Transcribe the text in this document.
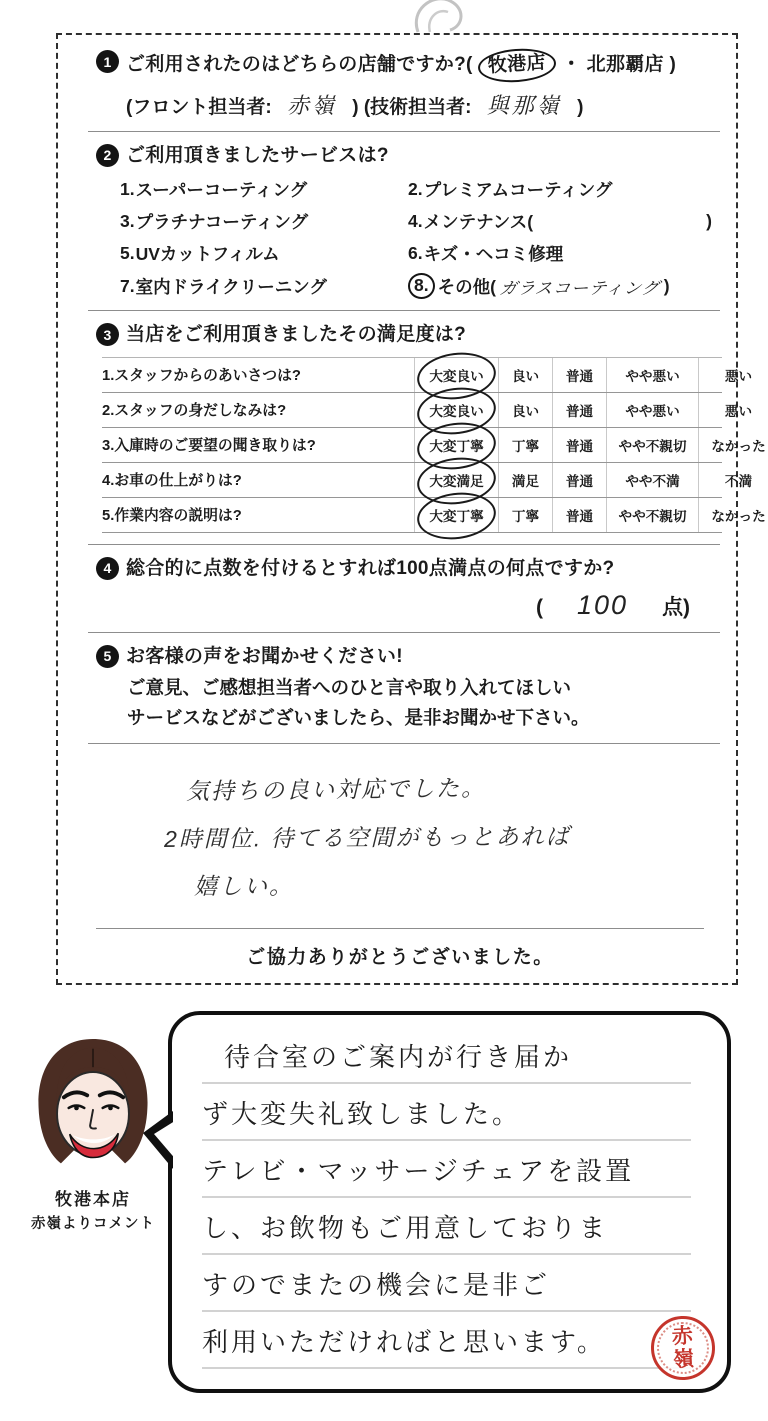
1 ご利用されたのはどちらの店舗ですか?( 牧港店 ・ 北那覇店 )
(フロント担当者: 赤嶺 ) (技術担当者: 與那嶺 )
2 ご利用頂きましたサービスは?
1. スーパーコーティング	2. プレミアムコーティング
3. プラチナコーティング	4. メンテナンス(	)
5. UVカットフィルム	6. キズ・ヘコミ修理
7. 室内ドライクリーニング	8. その他( ガラスコーティング )
3 当店をご利用頂きましたその満足度は?
1.スタッフからのあいさつは?	大変良い 良い 普通 やや悪い	悪い
2.スタッフの身だしなみは?	大変良い 良い 普通 やや悪い	悪い
3.入庫時のご要望の聞き取りは?	大変丁寧 丁寧 普通 やや不親切 なかった
4.お車の仕上がりは?	大変満足 満足 普通 やや不満	不満
5.作業内容の説明は?	大変丁寧 丁寧 普通 やや不親切 なかった
4 総合的に点数を付けるとすれば100点満点の何点ですか?
( 100 点)
5 お客様の声をお聞かせください!
ご意見、ご感想担当者へのひと言や取り入れてほしい
サービスなどがございましたら、是非お聞かせ下さい。
気持ちの良い対応でした。
2時間位. 待てる空間がもっとあれば
嬉しい。
ご協力ありがとうございました。
牧港本店
赤嶺よりコメント
待合室のご案内が行き届か
ず大変失礼致しました。
テレビ・マッサージチェアを設置
し、お飲物もご用意しておりま
すのでまたの機会に是非ご
利用いただければと思います。	赤
嶺
